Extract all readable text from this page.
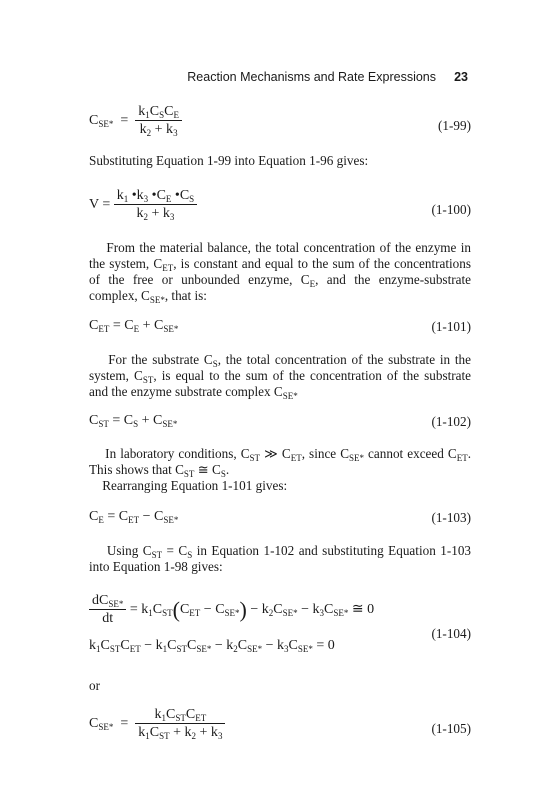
Reaction Mechanisms and Rate Expressions 23
$C_{SE*} = \frac{k_1C_SC_E}{k_2 + k_3}$	(1-99)
Substituting Equation 1-99 into Equation 1-96 gives:
$V = \frac{k_1 •k_3 •C_E •C_S}{k_2 + k_3}$	(1-100)
From the material balance, the total concentration of the enzyme in the system, $C_{ET}$, is constant and equal to the sum of the concentrations of the free or unbounded enzyme, $C_E$, and the enzyme-substrate complex, $C_{SE*}$, that is:
$C_{ET} = C_E + C_{SE*}$	(1-101)
For the substrate $C_S$, the total concentration of the substrate in the system, $C_{ST}$, is equal to the sum of the concentration of the substrate and the enzyme substrate complex $C_{SE*}$
$C_{ST} = C_S + C_{SE*}$	(1-102)
In laboratory conditions, $C_{ST}$ ≫ $C_{ET}$, since $C_{SE*}$ cannot exceed $C_{ET}$. This shows that $C_{ST}$ ≅ $C_S$.
Rearranging Equation 1-101 gives:
$C_E = C_{ET} - C_{SE*}$	(1-103)
Using $C_{ST} = C_S$ in Equation 1-102 and substituting Equation 1-103 into Equation 1-98 gives:
$\frac{dC_{SE*}}{dt} = k_1C_{ST}(C_{ET} - C_{SE*}) - k_2C_{SE*} - k_3C_{SE*}$ ≅ 0
(1-104)
$k_1C_{ST}C_{ET} - k_1C_{ST}C_{SE*} - k_2C_{SE*} - k_3C_{SE*} = 0$
or
$C_{SE*} = \frac{k_1C_{ST}C_{ET}}{k_1C_{ST} + k_2 + k_3}$	(1-105)
